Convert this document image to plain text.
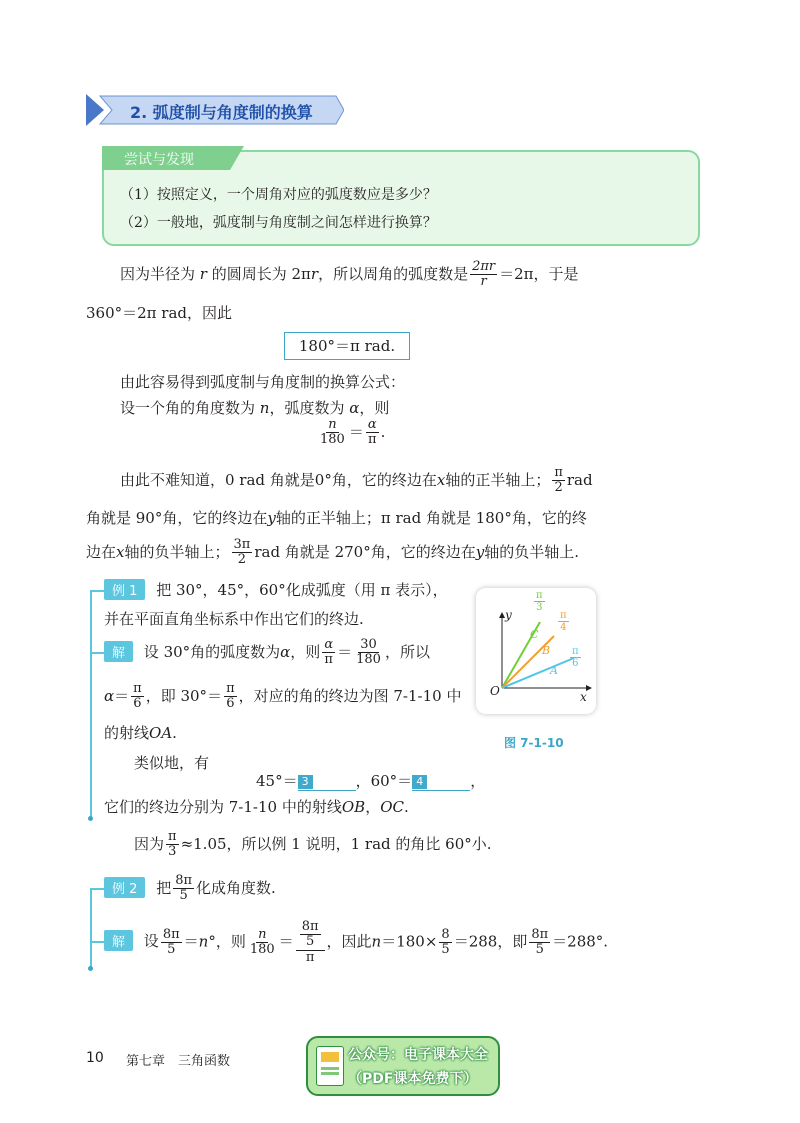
2. 弧度制与角度制的换算
尝试与发现
（1）按照定义，一个周角对应的弧度数应是多少？
（2）一般地，弧度制与角度制之间怎样进行换算？
因为半径为 r 的圆周长为 2πr，所以周角的弧度数是 $\frac{2\pi r}{r} =2\pi$，于是
360°＝2π rad，因此
180°＝π rad.
由此容易得到弧度制与角度制的换算公式：
设一个角的角度数为 n，弧度数为 α，则
$\frac{n}{180} = \frac{\alpha}{\pi}$ .
由此不难知道，0 rad 角就是0°角，它的终边在x轴的正半轴上； $\frac{\pi}{2}$ rad
角就是 90°角，它的终边在y轴的正半轴上；π rad 角就是 180°角，它的终
边在x轴的负半轴上； $\frac{3\pi}{2}$ rad 角就是 270°角，它的终边在y轴的负半轴上.
例 1 把 30°，45°，60°化成弧度（用 π 表示），
并在平面直角坐标系中作出它们的终边.
解 设 30°角的弧度数为α，则 $\frac{\alpha}{\pi} = \frac{30}{180}$ ，所以
$\alpha= \frac{\pi}{6}$ ，即 $30^\circ= \frac{\pi}{6}$ ，对应的角的终边为图 7-1-10 中
的射线OA.
类似地，有
45°＝ 3	，60°＝ 4	，
它们的终边分别为 7-1-10 中的射线OB，OC.
y
x
O
C
B
A
$\frac{\pi}{3}$
$\frac{\pi}{4}$
$\frac{\pi}{6}$
图 7-1-10
因为 $\frac{\pi}{3} \approx 1.05$，所以例 1 说明，1 rad 的角比 60°小.
例 2 把 $\frac{8\pi}{5}$ 化成角度数.
解 设 $\frac{8\pi}{5} =n^\circ$，则 $\frac{n}{180} = \frac{\frac{8\pi}{5}}{\pi}$ ，因此$n=180\times \frac{8}{5} =288$，即 $\frac{8\pi}{5} =288^\circ$.
10 第七章　三角函数	公众号：电子课本大全
（PDF课本免费下）
